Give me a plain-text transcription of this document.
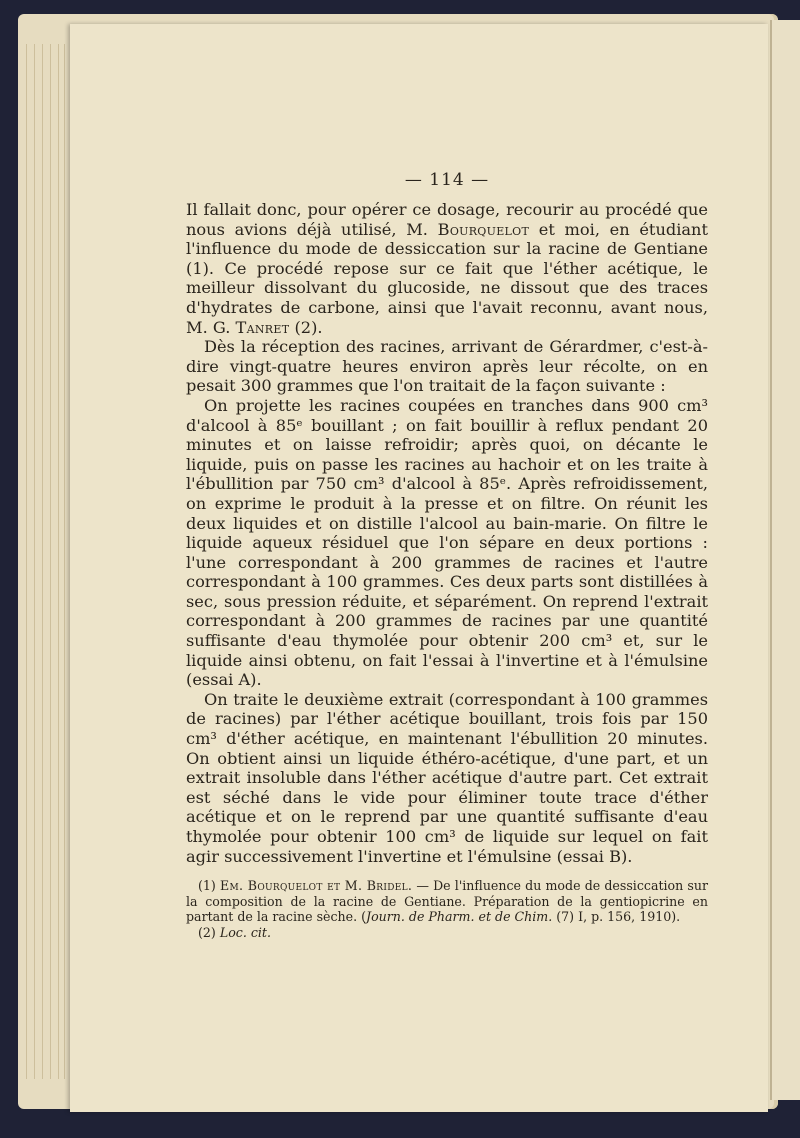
— 114 —

Il fallait donc, pour opérer ce dosage, recourir au procédé que nous avions déjà utilisé, M. Bourquelot et moi, en étudiant l'influence du mode de dessiccation sur la racine de Gentiane (1). Ce procédé repose sur ce fait que l'éther acétique, le meilleur dissolvant du glucoside, ne dissout que des traces d'hydrates de carbone, ainsi que l'avait reconnu, avant nous, M. G. Tanret (2).

Dès la réception des racines, arrivant de Gérardmer, c'est-à-dire vingt-quatre heures environ après leur récolte, on en pesait 300 grammes que l'on traitait de la façon suivante :

On projette les racines coupées en tranches dans 900 cm³ d'alcool à 85ᵉ bouillant ; on fait bouillir à reflux pendant 20 minutes et on laisse refroidir; après quoi, on décante le liquide, puis on passe les racines au hachoir et on les traite à l'ébullition par 750 cm³ d'alcool à 85ᵉ. Après refroidissement, on exprime le produit à la presse et on filtre. On réunit les deux liquides et on distille l'alcool au bain-marie. On filtre le liquide aqueux résiduel que l'on sépare en deux portions : l'une correspondant à 200 grammes de racines et l'autre correspondant à 100 grammes. Ces deux parts sont distillées à sec, sous pression réduite, et séparément. On reprend l'extrait correspondant à 200 grammes de racines par une quantité suffisante d'eau thymolée pour obtenir 200 cm³ et, sur le liquide ainsi obtenu, on fait l'essai à l'invertine et à l'émulsine (essai A).

On traite le deuxième extrait (correspondant à 100 grammes de racines) par l'éther acétique bouillant, trois fois par 150 cm³ d'éther acétique, en maintenant l'ébullition 20 minutes. On obtient ainsi un liquide éthéro-acétique, d'une part, et un extrait insoluble dans l'éther acétique d'autre part. Cet extrait est séché dans le vide pour éliminer toute trace d'éther acétique et on le reprend par une quantité suffisante d'eau thymolée pour obtenir 100 cm³ de liquide sur lequel on fait agir successivement l'invertine et l'émulsine (essai B).

(1) Em. Bourquelot et M. Bridel. — De l'influence du mode de dessiccation sur la composition de la racine de Gentiane. Préparation de la gentiopicrine en partant de la racine sèche. (Journ. de Pharm. et de Chim. (7) I, p. 156, 1910).

(2) Loc. cit.
